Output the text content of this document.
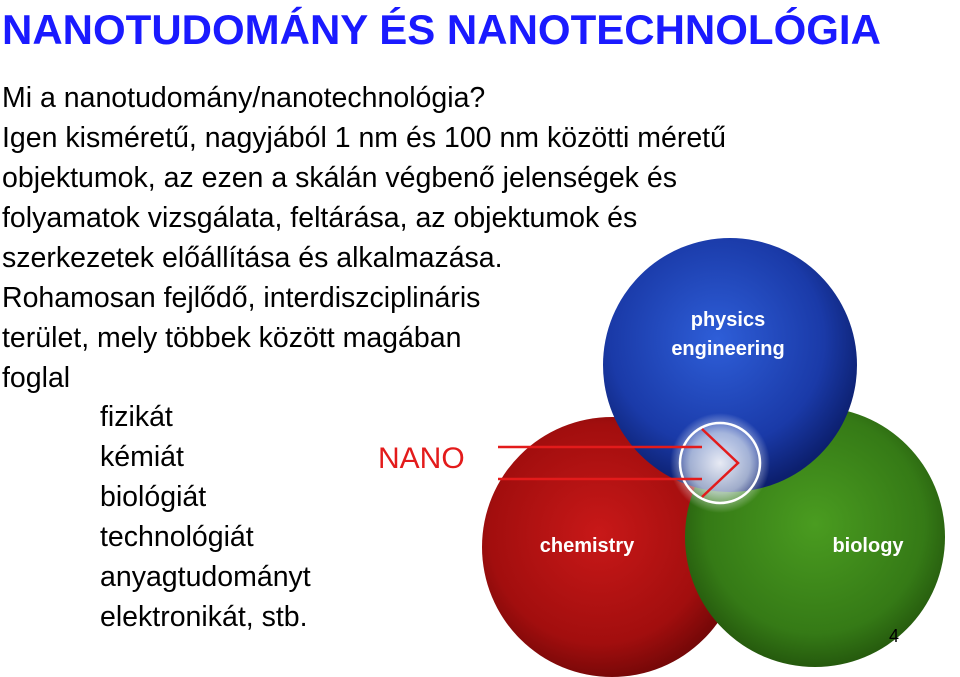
NANOTUDOMÁNY ÉS NANOTECHNOLÓGIA

Mi a nanotudomány/nanotechnológia?

Igen kisméretű, nagyjából 1 nm és 100 nm közötti méretű

objektumok, az ezen a skálán végbenő jelenségek és

folyamatok vizsgálata, feltárása, az objektumok és

szerkezetek előállítása és alkalmazása.

Rohamosan fejlődő, interdiszciplináris

terület, mely többek között magában

foglal

fizikát
kémiát
biológiát
technológiát
anyagtudományt
elektronikát, stb.
physics
engineering
chemistry	biology
NANO
4
